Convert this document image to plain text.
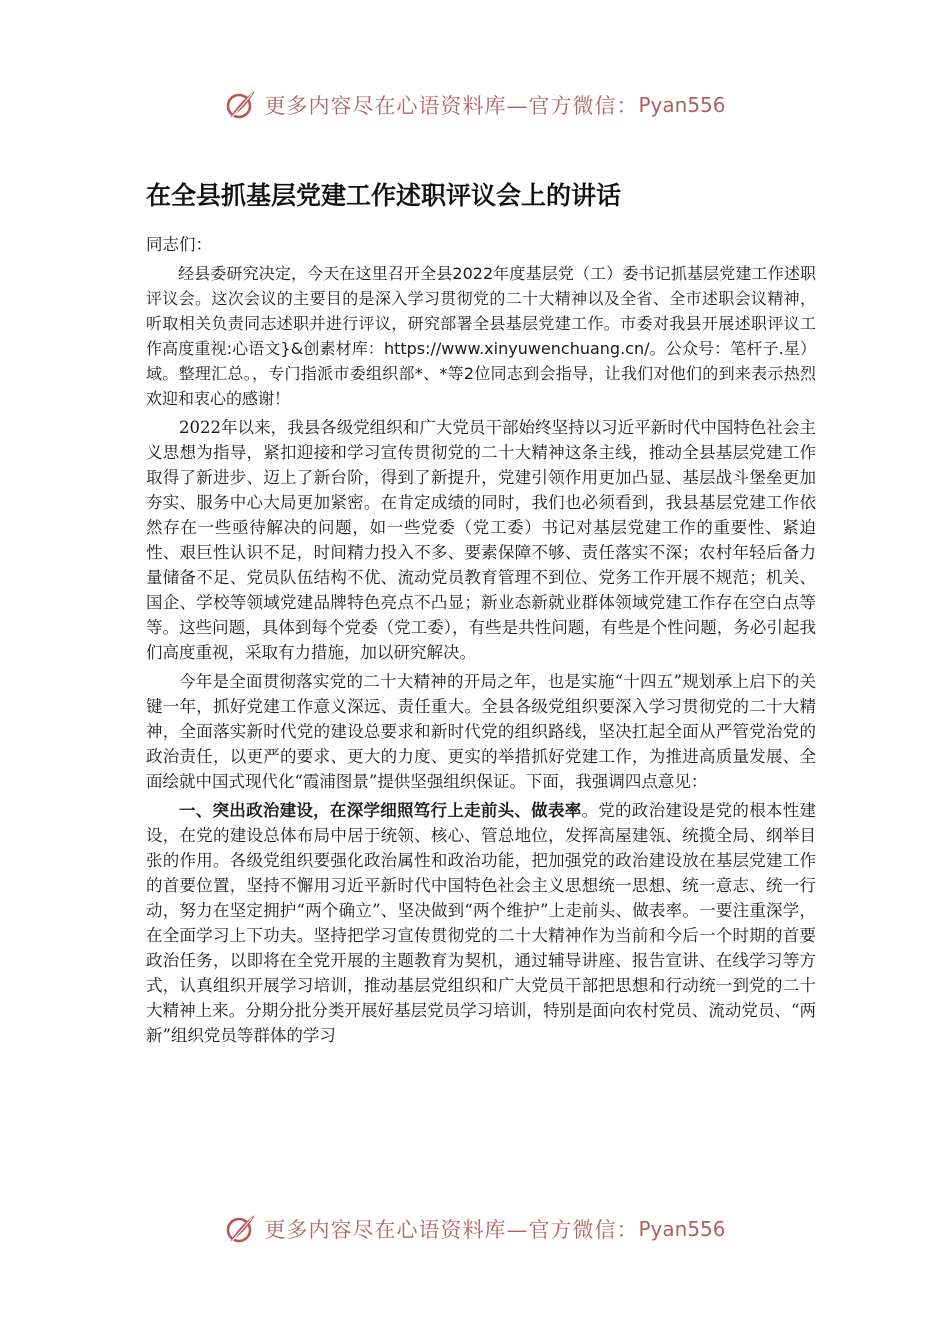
更多内容尽在心语资料库—官方微信： Pyan556
在全县抓基层党建工作述职评议会上的讲话

同志们：

经县委研究决定，今天在这里召开全县2022年度基层党（工）委书记抓基层党建工作述职评议会。这次会议的主要目的是深入学习贯彻党的二十大精神以及全省、全市述职会议精神，听取相关负责同志述职并进行评议，研究部署全县基层党建工作。市委对我县开展述职评议工作高度重视:心语文}&创素材库：https://www.xinyuwenchuang.cn/。公众号：笔杆子.星）域。整理汇总。，专门指派市委组织部*、*等2位同志到会指导，让我们对他们的到来表示热烈欢迎和衷心的感谢！

2022年以来，我县各级党组织和广大党员干部始终坚持以习近平新时代中国特色社会主义思想为指导，紧扣迎接和学习宣传贯彻党的二十大精神这条主线，推动全县基层党建工作取得了新进步、迈上了新台阶，得到了新提升，党建引领作用更加凸显、基层战斗堡垒更加夯实、服务中心大局更加紧密。在肯定成绩的同时，我们也必须看到，我县基层党建工作依然存在一些亟待解决的问题，如一些党委（党工委）书记对基层党建工作的重要性、紧迫性、艰巨性认识不足，时间精力投入不多、要素保障不够、责任落实不深；农村年轻后备力量储备不足、党员队伍结构不优、流动党员教育管理不到位、党务工作开展不规范；机关、国企、学校等领域党建品牌特色亮点不凸显；新业态新就业群体领域党建工作存在空白点等等。这些问题，具体到每个党委（党工委），有些是共性问题，有些是个性问题，务必引起我们高度重视，采取有力措施，加以研究解决。

今年是全面贯彻落实党的二十大精神的开局之年，也是实施“十四五”规划承上启下的关键一年，抓好党建工作意义深远、责任重大。全县各级党组织要深入学习贯彻党的二十大精神，全面落实新时代党的建设总要求和新时代党的组织路线，坚决扛起全面从严管党治党的政治责任，以更严的要求、更大的力度、更实的举措抓好党建工作，为推进高质量发展、全面绘就中国式现代化“霞浦图景”提供坚强组织保证。下面，我强调四点意见：

一、突出政治建设，在深学细照笃行上走前头、做表率。党的政治建设是党的根本性建设，在党的建设总体布局中居于统领、核心、管总地位，发挥高屋建瓴、统揽全局、纲举目张的作用。各级党组织要强化政治属性和政治功能，把加强党的政治建设放在基层党建工作的首要位置，坚持不懈用习近平新时代中国特色社会主义思想统一思想、统一意志、统一行动，努力在坚定拥护“两个确立”、坚决做到“两个维护”上走前头、做表率。一要注重深学，在全面学习上下功夫。坚持把学习宣传贯彻党的二十大精神作为当前和今后一个时期的首要政治任务，以即将在全党开展的主题教育为契机，通过辅导讲座、报告宣讲、在线学习等方式，认真组织开展学习培训，推动基层党组织和广大党员干部把思想和行动统一到党的二十大精神上来。分期分批分类开展好基层党员学习培训，特别是面向农村党员、流动党员、“两新”组织党员等群体的学习

更多内容尽在心语资料库—官方微信： Pyan556
